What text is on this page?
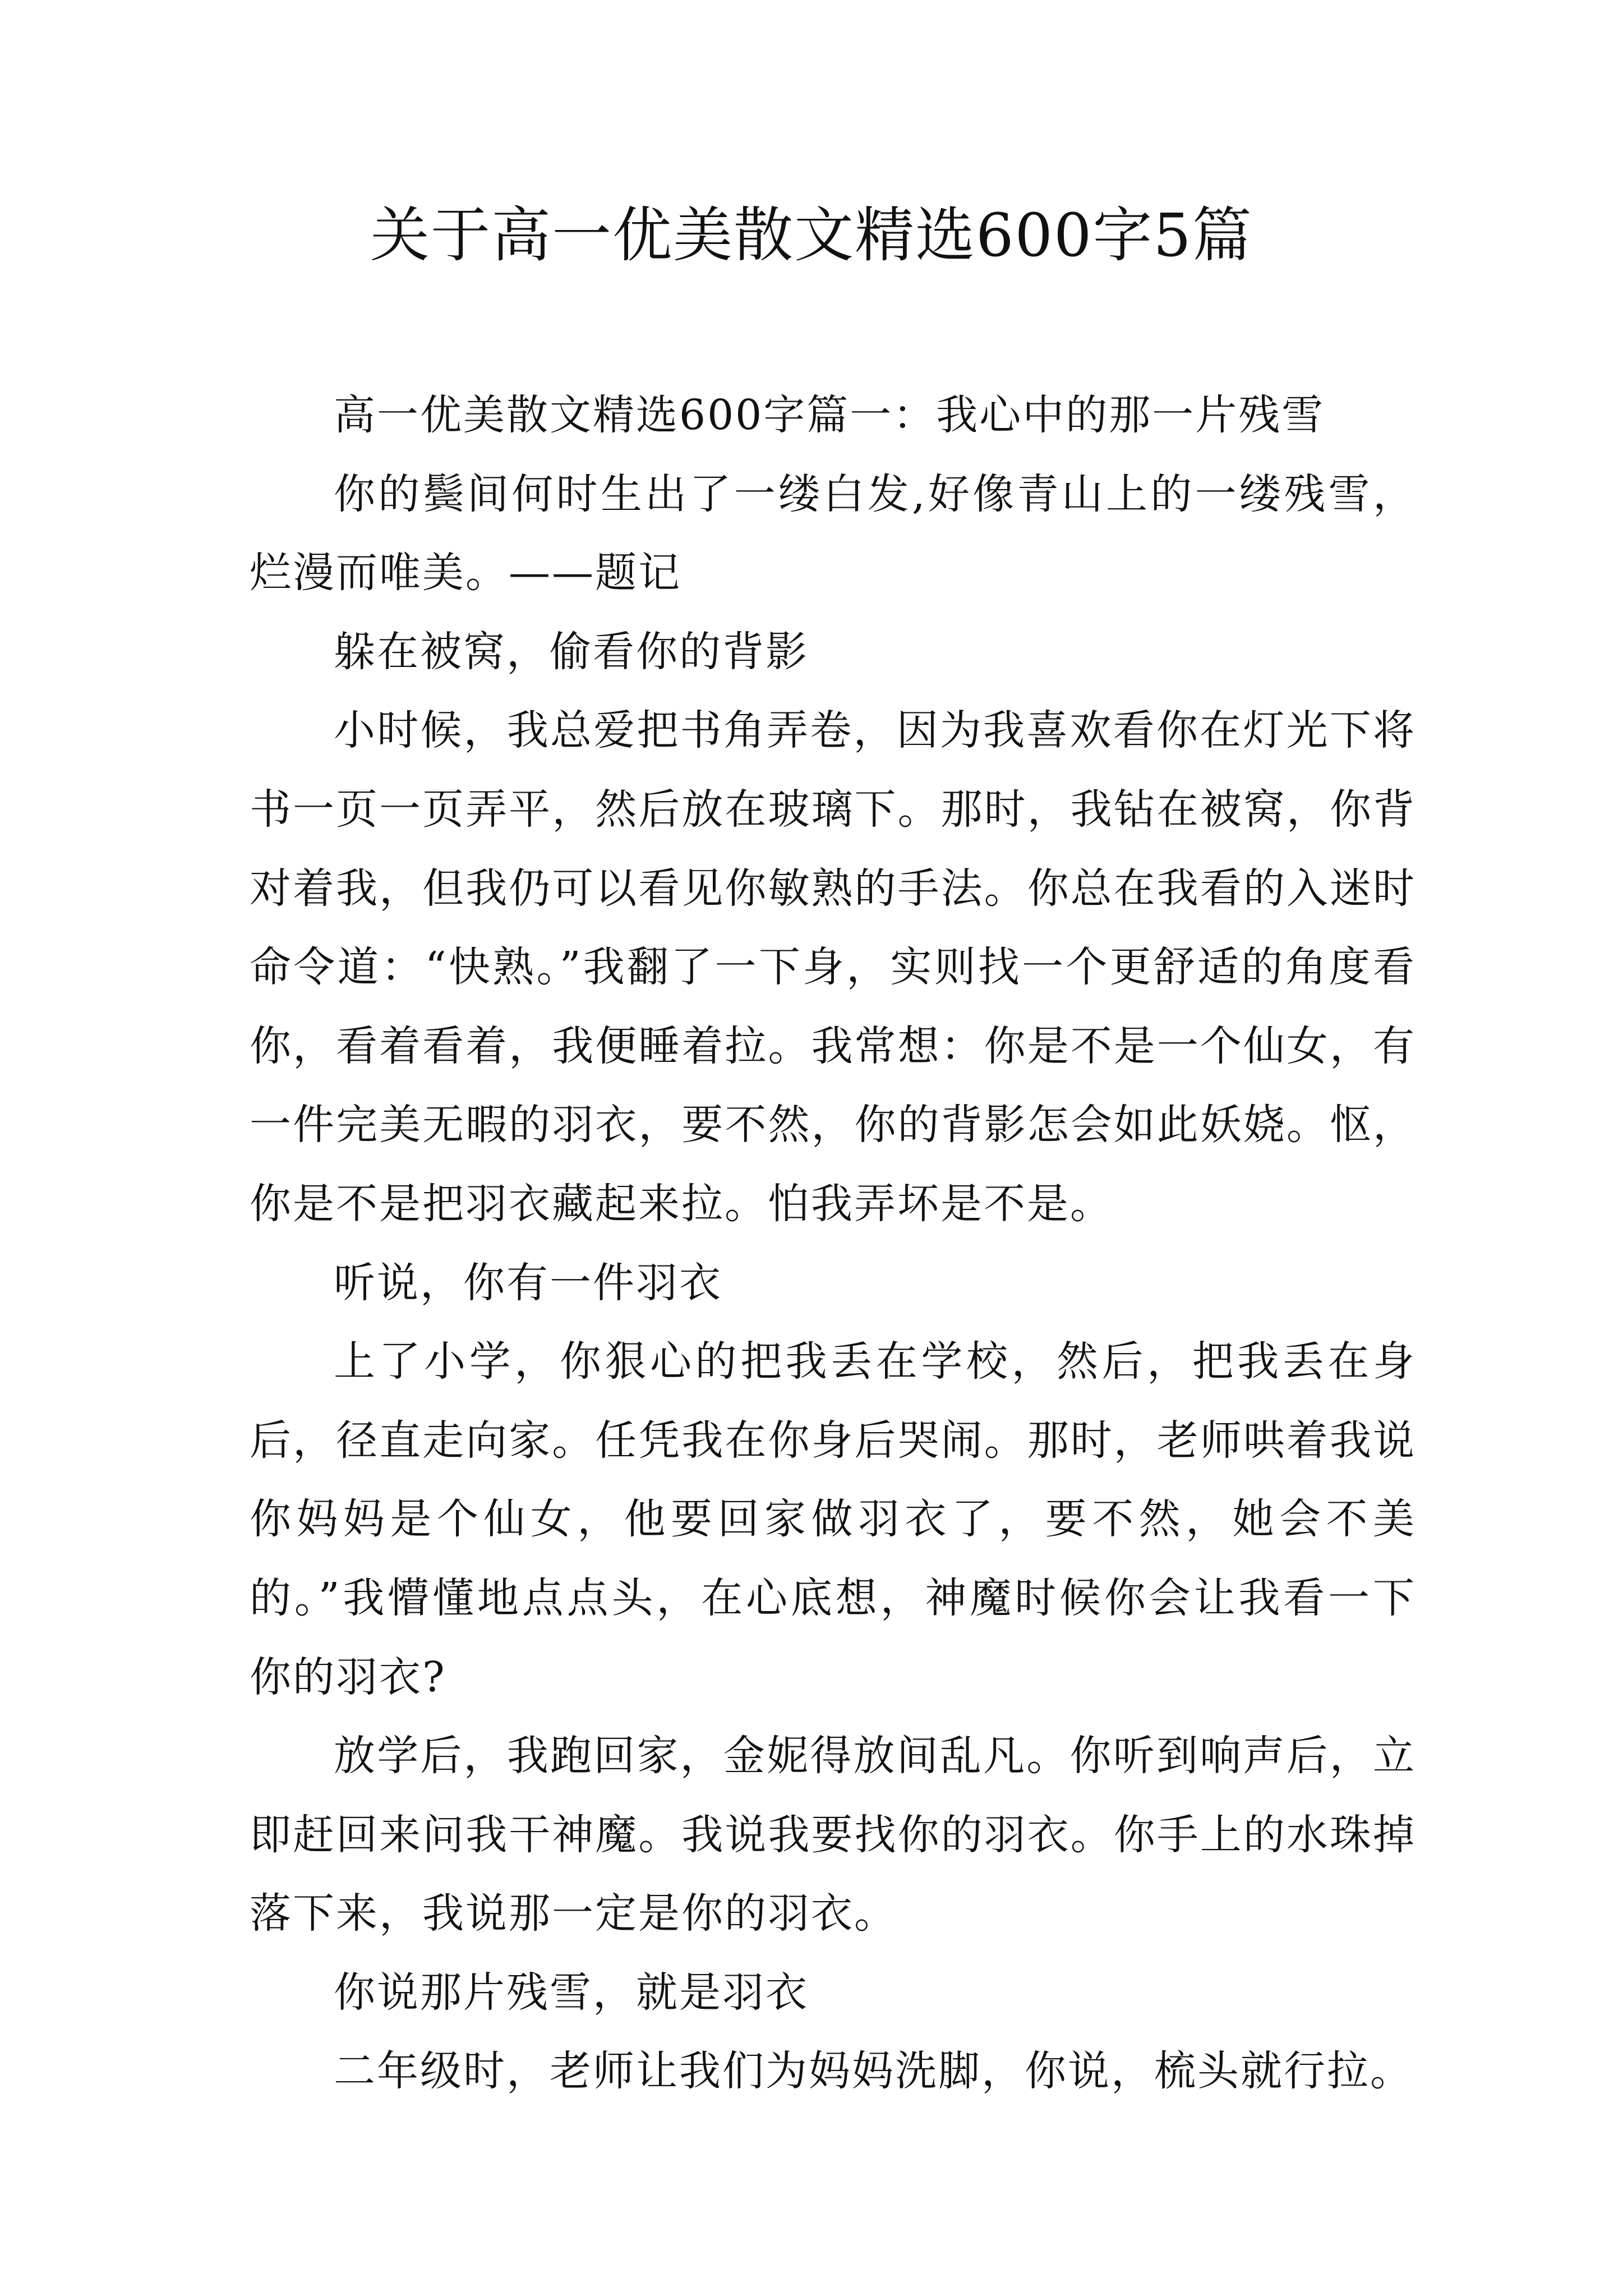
关于高一优美散文精选600字5篇

高一优美散文精选600字篇一：我心中的那一片残雪

你的鬓间何时生出了一缕白发,好像青山上的一缕残雪，烂漫而唯美。——题记

躲在被窝，偷看你的背影

小时候，我总爱把书角弄卷，因为我喜欢看你在灯光下将书一页一页弄平，然后放在玻璃下。那时，我钻在被窝，你背对着我，但我仍可以看见你敏熟的手法。你总在我看的入迷时命令道：“快熟。”我翻了一下身，实则找一个更舒适的角度看你，看着看着，我便睡着拉。我常想：你是不是一个仙女，有一件完美无暇的羽衣，要不然，你的背影怎会如此妖娆。怄，你是不是把羽衣藏起来拉。怕我弄坏是不是。

听说，你有一件羽衣

上了小学，你狠心的把我丢在学校，然后，把我丢在身后，径直走向家。任凭我在你身后哭闹。那时，老师哄着我说你妈妈是个仙女，他要回家做羽衣了，要不然，她会不美的。”我懵懂地点点头，在心底想，神魔时候你会让我看一下你的羽衣?

放学后，我跑回家，金妮得放间乱凡。你听到响声后，立即赶回来问我干神魔。我说我要找你的羽衣。你手上的水珠掉落下来，我说那一定是你的羽衣。

你说那片残雪，就是羽衣

二年级时，老师让我们为妈妈洗脚，你说，梳头就行拉。
